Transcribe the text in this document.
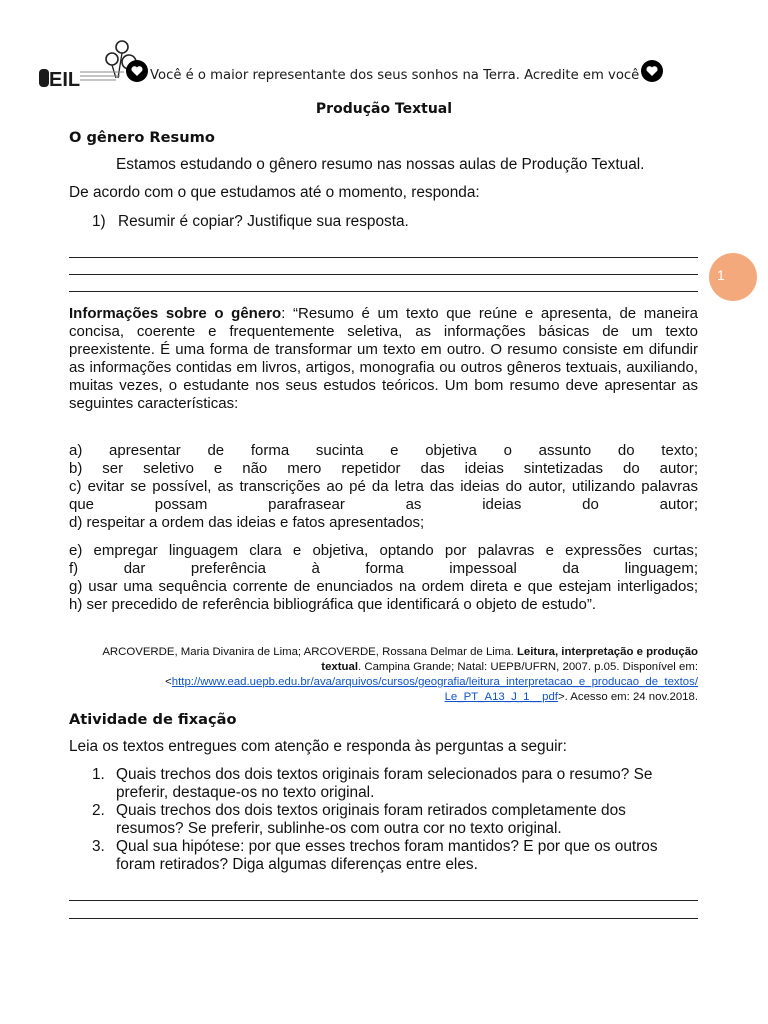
EIL	Você é o maior representante dos seus sonhos na Terra. Acredite em você
Produção Textual
O gênero Resumo
Estamos estudando o gênero resumo nas nossas aulas de Produção Textual.
De acordo com o que estudamos até o momento, responda:
1) Resumir é copiar? Justifique sua resposta.
1
Informações sobre o gênero: “Resumo é um texto que reúne e apresenta, de maneira concisa, coerente e frequentemente seletiva, as informações básicas de um texto preexistente. É uma forma de transformar um texto em outro. O resumo consiste em difundir as informações contidas em livros, artigos, monografia ou outros gêneros textuais, auxiliando, muitas vezes, o estudante nos seus estudos teóricos. Um bom resumo deve apresentar as seguintes características:
a) apresentar de forma sucinta e objetiva o assunto do texto;
b) ser seletivo e não mero repetidor das ideias sintetizadas do autor;
c) evitar se possível, as transcrições ao pé da letra das ideias do autor, utilizando palavras
que possam parafrasear as ideias do autor;
d) respeitar a ordem das ideias e fatos apresentados;
e) empregar linguagem clara e objetiva, optando por palavras e expressões curtas;
f) dar preferência à forma impessoal da linguagem;
g) usar uma sequência corrente de enunciados na ordem direta e que estejam interligados;
h) ser precedido de referência bibliográfica que identificará o objeto de estudo”.
ARCOVERDE, Maria Divanira de Lima; ARCOVERDE, Rossana Delmar de Lima. Leitura, interpretação e produção
textual. Campina Grande; Natal: UEPB/UFRN, 2007. p.05. Disponível em:
<http://www.ead.uepb.edu.br/ava/arquivos/cursos/geografia/leitura_interpretacao_e_producao_de_textos/
Le_PT_A13_J_1__pdf>. Acesso em: 24 nov.2018.
Atividade de fixação
Leia os textos entregues com atenção e responda às perguntas a seguir:
1. Quais trechos dos dois textos originais foram selecionados para o resumo? Se
preferir, destaque-os no texto original.
2. Quais trechos dos dois textos originais foram retirados completamente dos
resumos? Se preferir, sublinhe-os com outra cor no texto original.
3. Qual sua hipótese: por que esses trechos foram mantidos? E por que os outros
foram retirados? Diga algumas diferenças entre eles.
